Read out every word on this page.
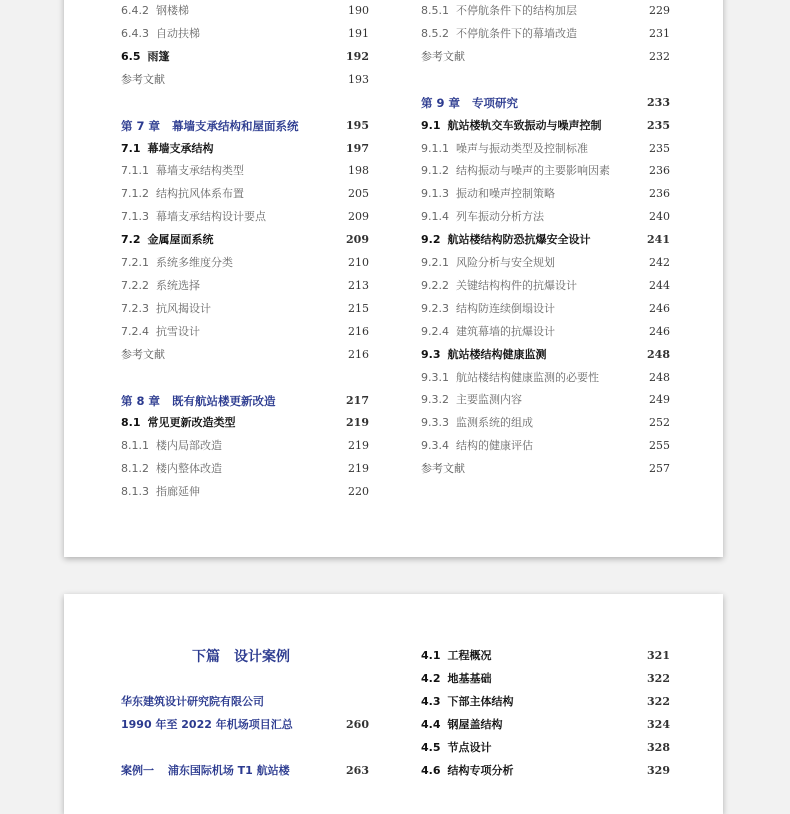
6.4.2 钢楼梯	190
6.4.3 自动扶梯	191
6.5 雨篷	192
参考文献	193
第 7 章 幕墙支承结构和屋面系统	195
7.1 幕墙支承结构	197
7.1.1 幕墙支承结构类型	198
7.1.2 结构抗风体系布置	205
7.1.3 幕墙支承结构设计要点	209
7.2 金属屋面系统	209
7.2.1 系统多维度分类	210
7.2.2 系统选择	213
7.2.3 抗风揭设计	215
7.2.4 抗雪设计	216
参考文献	216
第 8 章 既有航站楼更新改造	217
8.1 常见更新改造类型	219
8.1.1 楼内局部改造	219
8.1.2 楼内整体改造	219
8.1.3 指廊延伸	220
8.5.1 不停航条件下的结构加层	229
8.5.2 不停航条件下的幕墙改造	231
参考文献	232
第 9 章 专项研究	233
9.1 航站楼轨交车致振动与噪声控制	235
9.1.1 噪声与振动类型及控制标准	235
9.1.2 结构振动与噪声的主要影响因素	236
9.1.3 振动和噪声控制策略	236
9.1.4 列车振动分析方法	240
9.2 航站楼结构防恐抗爆安全设计	241
9.2.1 风险分析与安全规划	242
9.2.2 关键结构构件的抗爆设计	244
9.2.3 结构防连续倒塌设计	246
9.2.4 建筑幕墙的抗爆设计	246
9.3 航站楼结构健康监测	248
9.3.1 航站楼结构健康监测的必要性	248
9.3.2 主要监测内容	249
9.3.3 监测系统的组成	252
9.3.4 结构的健康评估	255
参考文献	257
下篇　设计案例
华东建筑设计研究院有限公司
1990 年至 2022 年机场项目汇总	260
案例一 浦东国际机场 T1 航站楼	263
4.1 工程概况	321
4.2 地基基础	322
4.3 下部主体结构	322
4.4 钢屋盖结构	324
4.5 节点设计	328
4.6 结构专项分析	329
